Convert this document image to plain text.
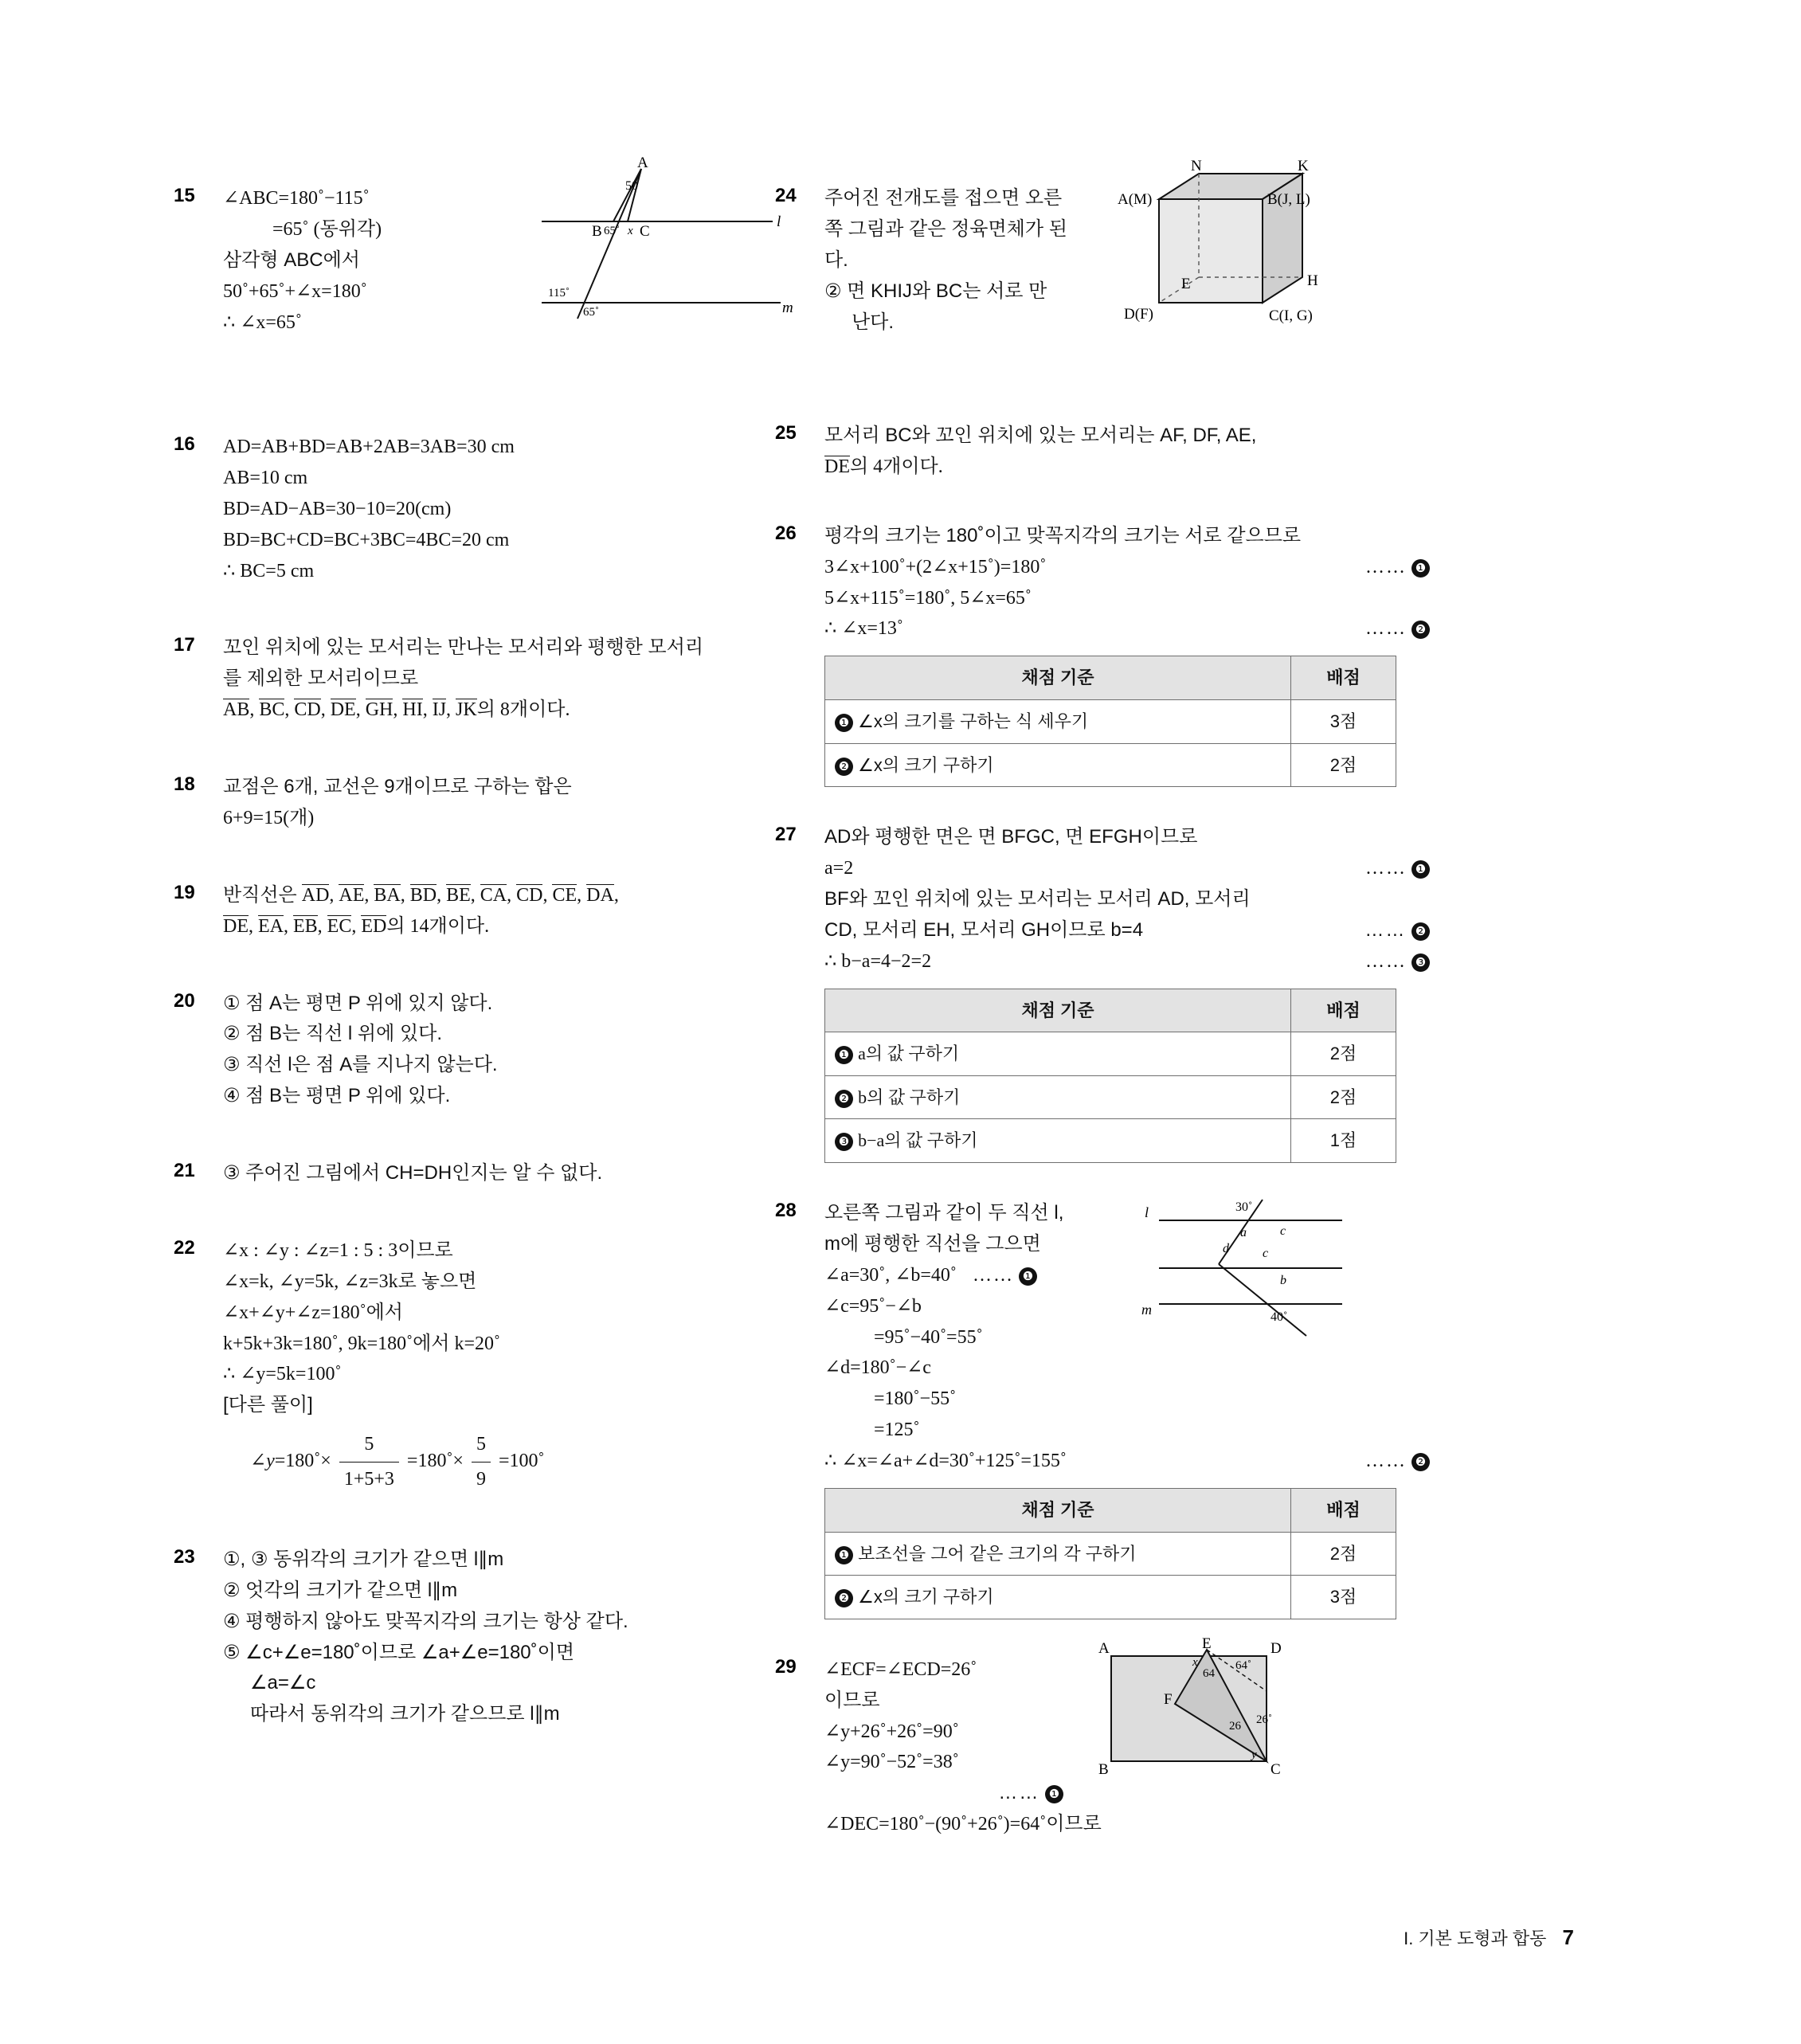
15 ∠ABC=180˚−115˚
=65˚ (동위각)
삼각형 ABC에서
50˚+65˚+∠x=180˚
∴ ∠x=65˚
A
B C
50
65˚ x
115˚
65˚
l
m
16 AD=AB+BD=AB+2AB=3AB=30 cm
AB=10 cm
BD=AD−AB=30−10=20(cm)
BD=BC+CD=BC+3BC=4BC=20 cm
∴ BC=5 cm
17 꼬인 위치에 있는 모서리는 만나는 모서리와 평행한 모서리
를 제외한 모서리이므로
AB, BC, CD, DE, GH, HI, IJ, JK의 8개이다.
18 교점은 6개, 교선은 9개이므로 구하는 합은
6+9=15(개)
19 반직선은 AD, AE, BA, BD, BE, CA, CD, CE, DA,
DE, EA, EB, EC, ED의 14개이다.
20 ① 점 A는 평면 P 위에 있지 않다.
② 점 B는 직선 l 위에 있다.
③ 직선 l은 점 A를 지나지 않는다.
④ 점 B는 평면 P 위에 있다.
21 ③ 주어진 그림에서 CH=DH인지는 알 수 없다.
22 ∠x : ∠y : ∠z=1 : 5 : 3이므로
∠x=k, ∠y=5k, ∠z=3k로 놓으면
∠x+∠y+∠z=180˚에서
k+5k+3k=180˚, 9k=180˚에서 k=20˚
∴ ∠y=5k=100˚
[다른 풀이]
∠y=180˚× $\frac{5}{1+5+3}$ =180˚× $\frac{5}{9}$ =100˚
23 ①, ③ 동위각의 크기가 같으면 l∥m
② 엇각의 크기가 같으면 l∥m
④ 평행하지 않아도 맞꼭지각의 크기는 항상 같다.
⑤ ∠c+∠e=180˚이므로 ∠a+∠e=180˚이면
∠a=∠c
따라서 동위각의 크기가 같으므로 l∥m
24 주어진 전개도를 접으면 오른
쪽 그림과 같은 정육면체가 된
다.
② 면 KHIJ와 BC는 서로 만
난다.
N	K
A(M)	B(J, L)
E	H
D(F)	C(I, G)
25 모서리 BC와 꼬인 위치에 있는 모서리는 AF, DF, AE,
DE의 4개이다.
26 평각의 크기는 180˚이고 맞꼭지각의 크기는 서로 같으므로
3∠x+100˚+(2∠x+15˚)=180˚	…… ❶
5∠x+115˚=180˚, 5∠x=65˚
∴ ∠x=13˚	…… ❷
채점 기준	배점
❶ ∠x의 크기를 구하는 식 세우기	3점
❷ ∠x의 크기 구하기	2점
27 AD와 평행한 면은 면 BFGC, 면 EFGH이므로
a=2	…… ❶
BF와 꼬인 위치에 있는 모서리는 모서리 AD, 모서리
CD, 모서리 EH, 모서리 GH이므로 b=4	…… ❷
∴ b−a=4−2=2	…… ❸
채점 기준	배점
❶ a의 값 구하기	2점
❷ b의 값 구하기	2점
❸ b−a의 값 구하기	1점
28 오른쪽 그림과 같이 두 직선 l,
m에 평행한 직선을 그으면
∠a=30˚, ∠b=40˚ …… ❶
∠c=95˚−∠b
=95˚−40˚=55˚
∠d=180˚−∠c
=180˚−55˚
=125˚
∴ ∠x=∠a+∠d=30˚+125˚=155˚	…… ❷
채점 기준	배점
❶ 보조선을 그어 같은 크기의 각 구하기	2점
❷ ∠x의 크기 구하기	3점
l
m
30˚
a	c
d	c
b
40˚
29 ∠ECF=∠ECD=26˚
이므로
∠y+26˚+26˚=90˚
∠y=90˚−52˚=38˚
…… ❶
∠DEC=180˚−(90˚+26˚)=64˚이므로
A	E	D
F
B	C
x
64
64˚
26 26˚
y
I. 기본 도형과 합동 7
